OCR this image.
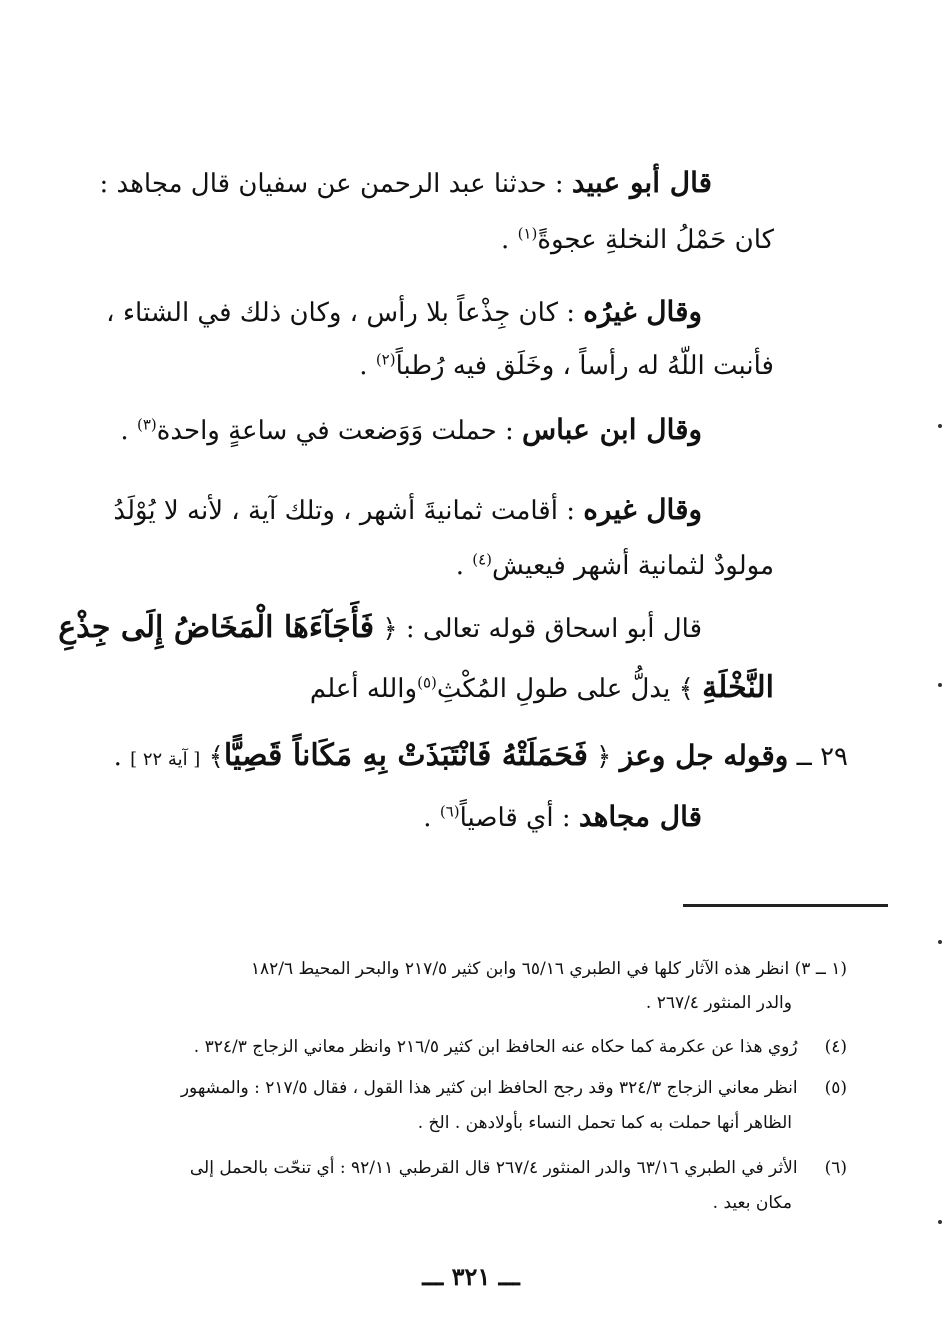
قال أبو عبيد : حدثنا عبد الرحمن عن سفيان قال مجاهد :
كان حَمْلُ النخلةِ عجوةً$^{(١)}$ .
وقال غيرُه : كان جِذْعاً بلا رأس ، وكان ذلك في الشتاء ،
فأنبت اللّهُ له رأساً ، وخَلَق فيه رُطباً$^{(٢)}$ .
وقال ابن عباس : حملت وَوَضعت في ساعةٍ واحدة$^{(٣)}$ .
وقال غيره : أقامت ثمانيةَ أشهر ، وتلك آية ، لأنه لا يُوْلَدُ
مولودٌ لثمانية أشهر فيعيش$^{(٤)}$ .
قال أبو اسحاق قوله تعالى : ﴿ فَأَجَآءَهَا الْمَخَاضُ إِلَى جِذْعِ
النَّخْلَةِ ﴾ يدلُّ على طولِ المُكْثِ$^{(٥)}$والله أعلم
٢٩ ــ وقوله جل وعز ﴿ فَحَمَلَتْهُ فَانْتَبَذَتْ بِهِ مَكَاناً قَصِيًّا﴾ [ آية ٢٢ ] .
قال مجاهد : أي قاصياً$^{(٦)}$ .
(١ ــ ٣) انظر هذه الآثار كلها في الطبري ٦٥/١٦ وابن كثير ٢١٧/٥ والبحر المحيط ١٨٢/٦
والدر المنثور ٢٦٧/٤ .
(٤) رُوي هذا عن عكرمة كما حكاه عنه الحافظ ابن كثير ٢١٦/٥ وانظر معاني الزجاج ٣٢٤/٣ .
(٥) انظر معاني الزجاج ٣٢٤/٣ وقد رجح الحافظ ابن كثير هذا القول ، فقال ٢١٧/٥ : والمشهور
الظاهر أنها حملت به كما تحمل النساء بأولادهن . الخ .
(٦) الأثر في الطبري ٦٣/١٦ والدر المنثور ٢٦٧/٤ قال القرطبي ٩٢/١١ : أي تنحّت بالحمل إلى
مكان بعيد .
ـــ ٣٢١ ـــ
